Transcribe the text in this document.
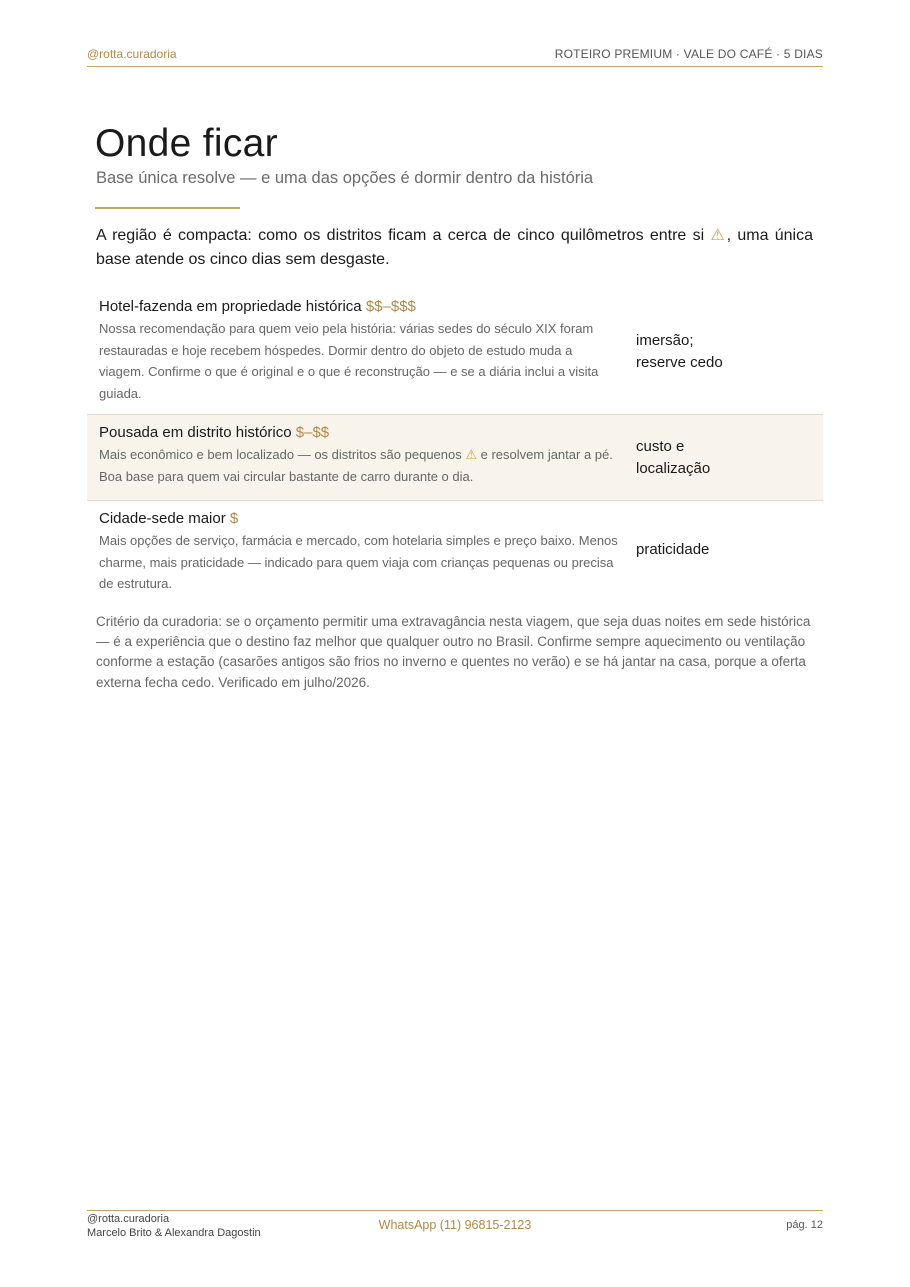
@rotta.curadoria	ROTEIRO PREMIUM · VALE DO CAFÉ · 5 DIAS
Onde ficar
Base única resolve — e uma das opções é dormir dentro da história

A região é compacta: como os distritos ficam a cerca de cinco quilômetros entre si ⚠, uma única base atende os cinco dias sem desgaste.

Hotel-fazenda em propriedade histórica $$–$$$
Nossa recomendação para quem veio pela história: várias sedes do século XIX foram restauradas e hoje recebem hóspedes. Dormir dentro do objeto de estudo muda a viagem. Confirme o que é original e o que é reconstrução — e se a diária inclui a visita guiada.
imersão;
reserve cedo
Pousada em distrito histórico $–$$
Mais econômico e bem localizado — os distritos são pequenos ⚠ e resolvem jantar a pé. Boa base para quem vai circular bastante de carro durante o dia.
custo e
localização
Cidade-sede maior $
Mais opções de serviço, farmácia e mercado, com hotelaria simples e preço baixo. Menos charme, mais praticidade — indicado para quem viaja com crianças pequenas ou precisa de estrutura.
praticidade

Critério da curadoria: se o orçamento permitir uma extravagância nesta viagem, que seja duas noites em sede histórica — é a experiência que o destino faz melhor que qualquer outro no Brasil. Confirme sempre aquecimento ou ventilação conforme a estação (casarões antigos são frios no inverno e quentes no verão) e se há jantar na casa, porque a oferta externa fecha cedo. Verificado em julho/2026.

@rotta.curadoria
Marcelo Brito & Alexandra Dagostin
WhatsApp (11) 96815-2123	pág. 12
